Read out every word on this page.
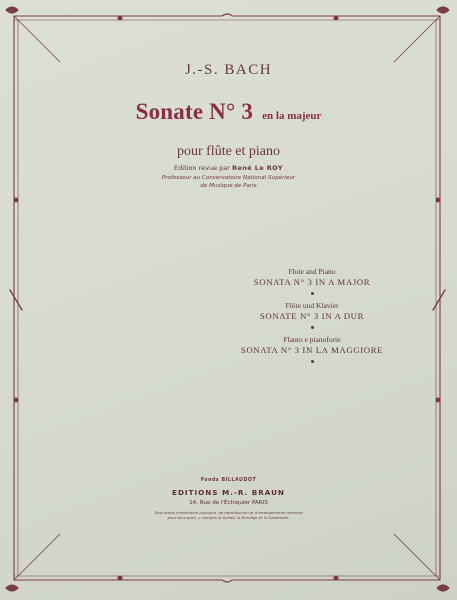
J.-S. BACH
Sonate N° 3 en la majeur
pour flûte et piano
Edition revue par René Le ROY
Professeur au Conservatoire National Supérieur
de Musique de Paris
Flute and Piano
SONATA N° 3 IN A MAJOR
Flöte und Klavier
SONATE N° 3 IN A DUR
Flauto e pianoforte
SONATA N° 3 IN LA MAGGIORE
Fonds BILLAUDOT
EDITIONS M.-R. BRAUN
14, Rue de l'Échiquier PARIS
Tous droits d'exécution publique, de reproduction et d'arrangements réservés
pour tous pays, y compris la Suède, la Norvège et le Danemark.
